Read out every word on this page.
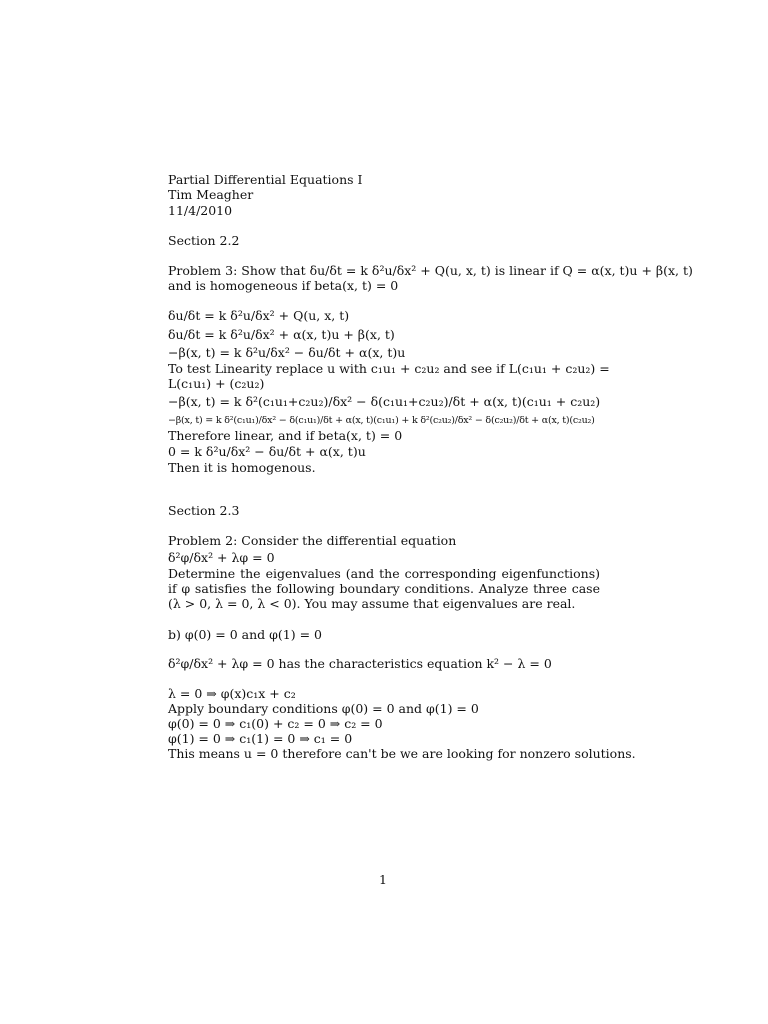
Partial Differential Equations I
Tim Meagher
11/4/2010
Section 2.2
Problem 3: Show that δu/δt = k δ²u/δx² + Q(u, x, t) is linear if Q = α(x, t)u + β(x, t)
and is homogeneous if beta(x, t) = 0
δu/δt = k δ²u/δx² + Q(u, x, t)
δu/δt = k δ²u/δx² + α(x, t)u + β(x, t)
−β(x, t) = k δ²u/δx² − δu/δt + α(x, t)u
To test Linearity replace u with c₁u₁ + c₂u₂ and see if L(c₁u₁ + c₂u₂) =
L(c₁u₁) + (c₂u₂)
−β(x, t) = k δ²(c₁u₁+c₂u₂)/δx² − δ(c₁u₁+c₂u₂)/δt + α(x, t)(c₁u₁ + c₂u₂)
−β(x, t) = k δ²(c₁u₁)/δx² − δ(c₁u₁)/δt + α(x, t)(c₁u₁) + k δ²(c₂u₂)/δx² − δ(c₂u₂)/δt + α(x, t)(c₂u₂)
Therefore linear, and if beta(x, t) = 0
0 = k δ²u/δx² − δu/δt + α(x, t)u
Then it is homogenous.
Section 2.3
Problem 2: Consider the differential equation
δ²φ/δx² + λφ = 0
Determine the eigenvalues (and the corresponding eigenfunctions) if φ satisfies the following boundary conditions. Analyze three case (λ > 0, λ = 0, λ < 0). You may assume that eigenvalues are real.
b) φ(0) = 0 and φ(1) = 0
δ²φ/δx² + λφ = 0 has the characteristics equation k² − λ = 0
λ = 0 ⇒ φ(x)c₁x + c₂
Apply boundary conditions φ(0) = 0 and φ(1) = 0
φ(0) = 0 ⇒ c₁(0) + c₂ = 0 ⇒ c₂ = 0
φ(1) = 0 ⇒ c₁(1) = 0 ⇒ c₁ = 0
This means u = 0 therefore can't be we are looking for nonzero solutions.
1
